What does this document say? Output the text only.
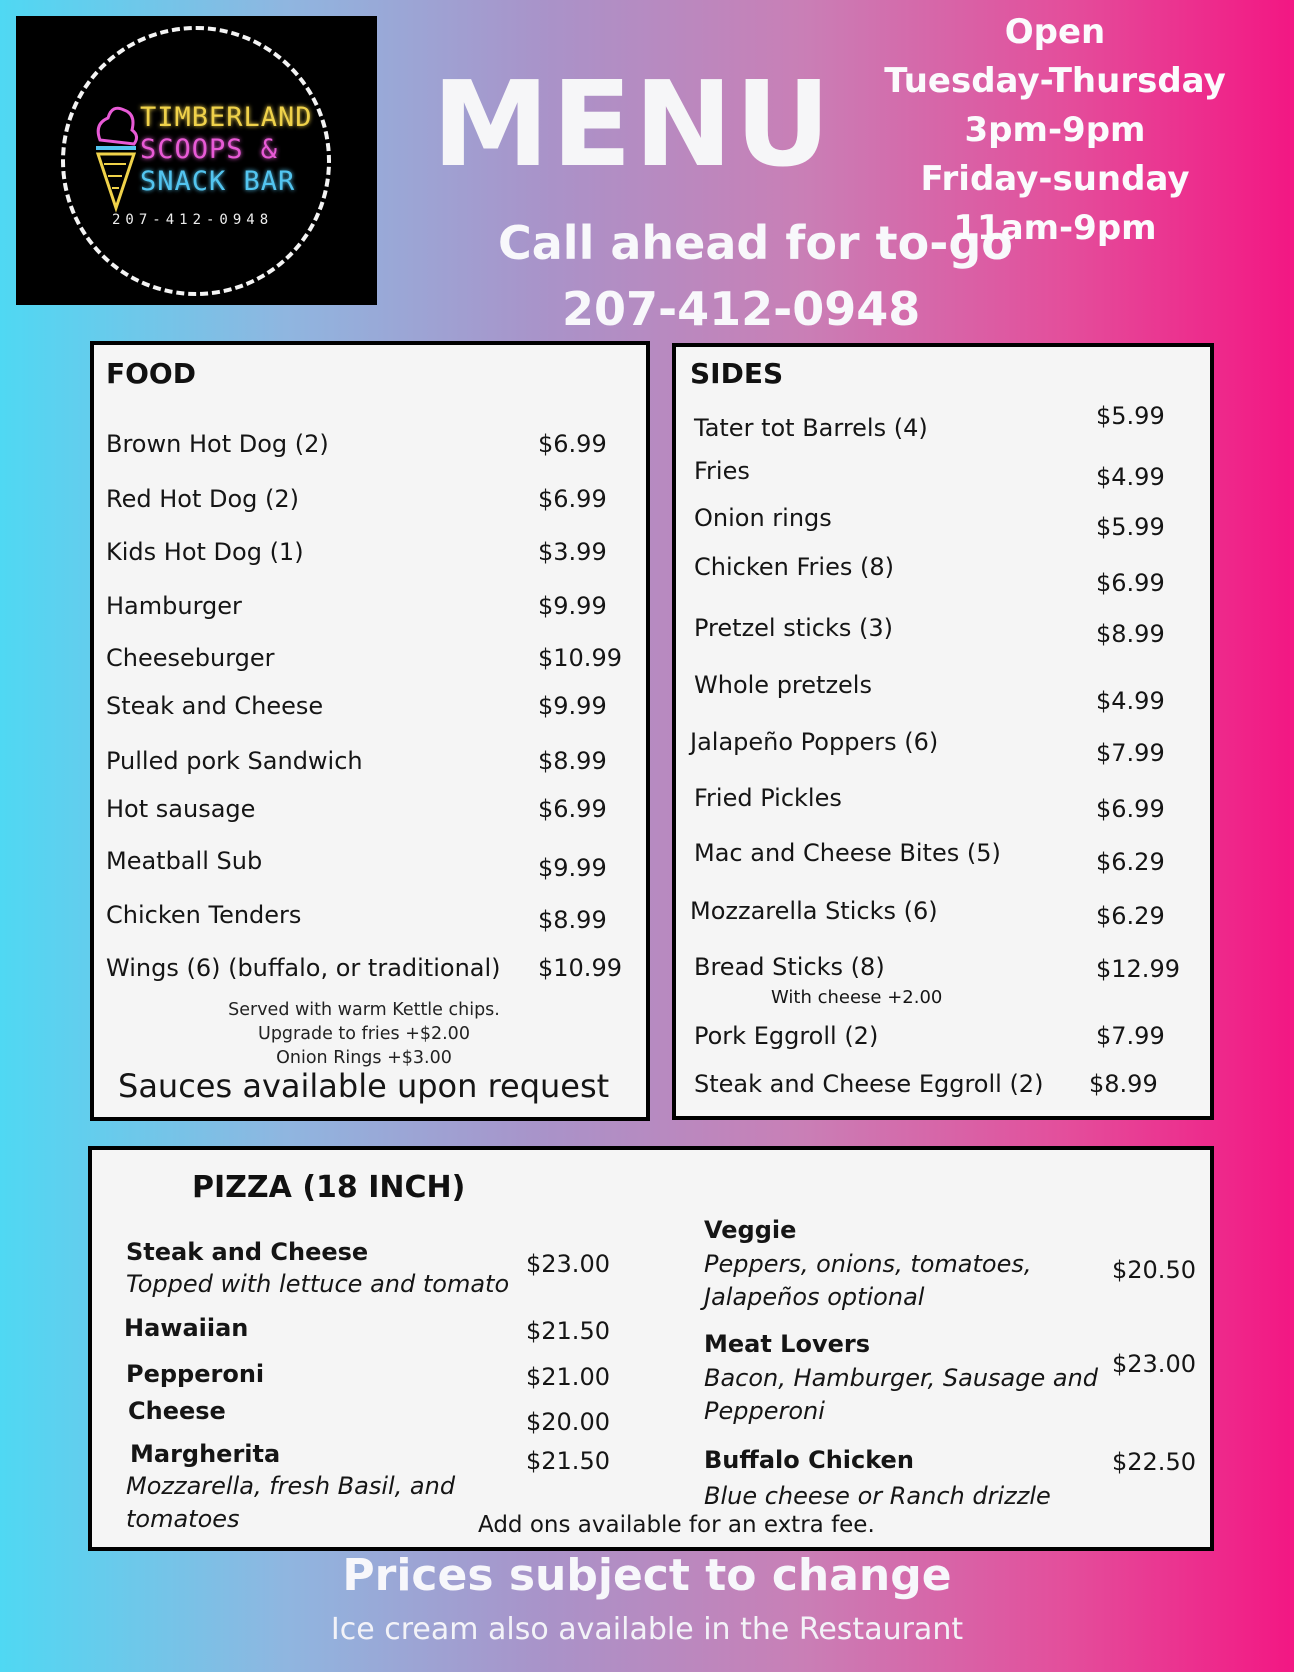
TIMBERLAND
SCOOPS &
SNACK BAR
207-412-0948
MENU
Call ahead for to-go
207-412-0948
Open
Tuesday-Thursday
3pm-9pm
Friday-sunday
11am-9pm
FOOD
Brown Hot Dog (2)	$6.99
Red Hot Dog (2)	$6.99
Kids Hot Dog (1)	$3.99
Hamburger	$9.99
Cheeseburger	$10.99
Steak and Cheese	$9.99
Pulled pork Sandwich	$8.99
Hot sausage	$6.99
Meatball Sub	$9.99
Chicken Tenders	$8.99
Wings (6) (buffalo, or traditional) $10.99
Served with warm Kettle chips.
Upgrade to fries +$2.00
Onion Rings +$3.00
Sauces available upon request
SIDES
Tater tot Barrels (4)	$5.99
Fries	$4.99
Onion rings	$5.99
Chicken Fries (8)
$6.99
Pretzel sticks (3)	$8.99
Whole pretzels
$4.99
Jalapeño Poppers (6)	$7.99
Fried Pickles	$6.99
Mac and Cheese Bites (5)	$6.29
Mozzarella Sticks (6)	$6.29
Bread Sticks (8)	$12.99
With cheese +2.00
Pork Eggroll (2)	$7.99
Steak and Cheese Eggroll (2) $8.99
PIZZA (18 INCH)
Steak and Cheese
Topped with lettuce and tomato
$23.00
Hawaiian	$21.50
Pepperoni	$21.00
Cheese	$20.00
Margherita
Mozzarella, fresh Basil, and
tomatoes
$21.50
Veggie
Peppers, onions, tomatoes,
Jalapeños optional
$20.50
Meat Lovers
Bacon, Hamburger, Sausage and
Pepperoni
$23.00
Buffalo Chicken
Blue cheese or Ranch drizzle
$22.50
Add ons available for an extra fee.
Prices subject to change
Ice cream also available in the Restaurant
